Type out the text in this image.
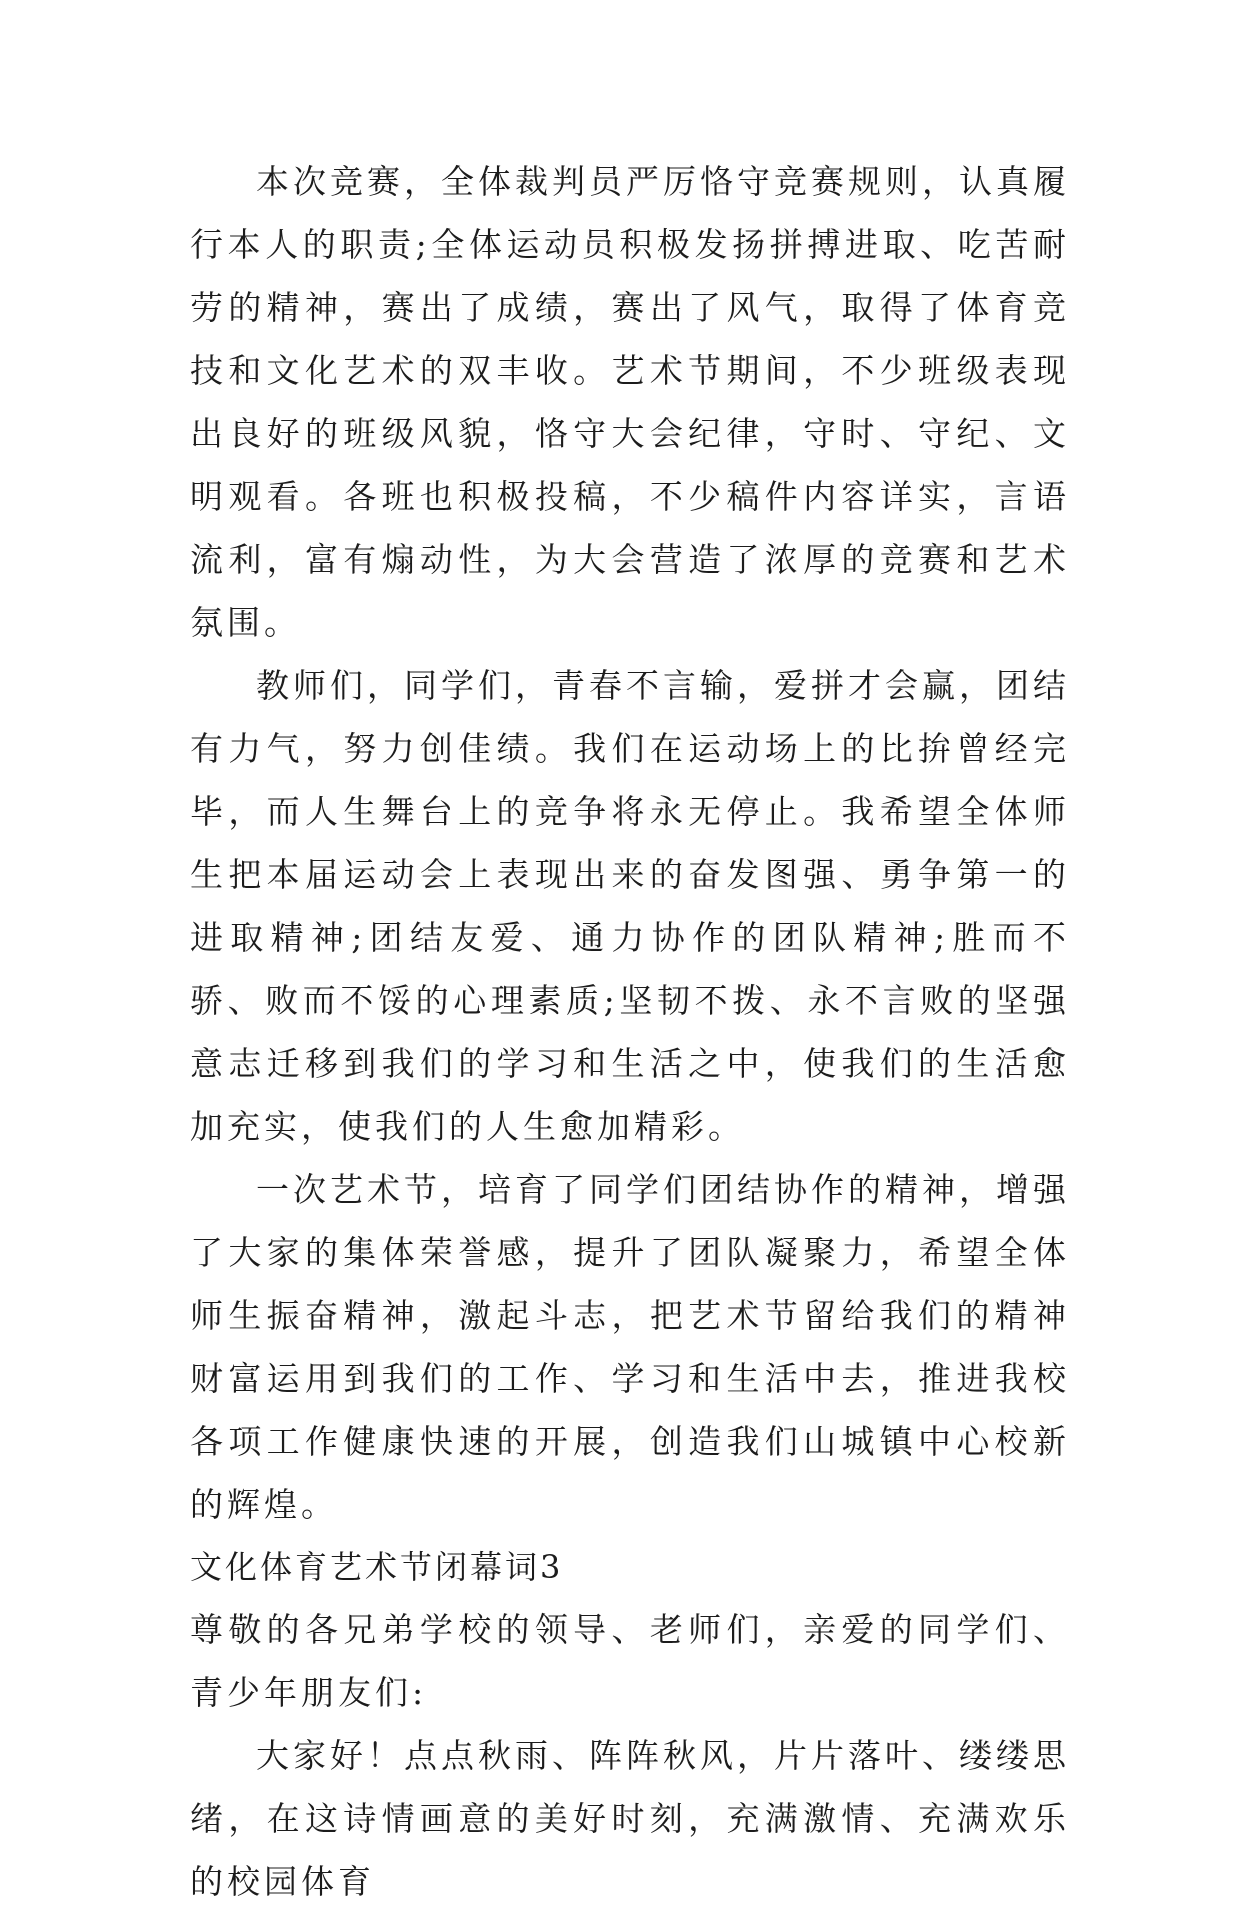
本次竞赛，全体裁判员严厉恪守竞赛规则，认真履行本人的职责;全体运动员积极发扬拼搏进取、吃苦耐劳的精神，赛出了成绩，赛出了风气，取得了体育竞技和文化艺术的双丰收。艺术节期间，不少班级表现出良好的班级风貌，恪守大会纪律，守时、守纪、文明观看。各班也积极投稿，不少稿件内容详实，言语流利，富有煽动性，为大会营造了浓厚的竞赛和艺术氛围。

教师们，同学们，青春不言输，爱拼才会赢，团结有力气，努力创佳绩。我们在运动场上的比拚曾经完毕，而人生舞台上的竞争将永无停止。我希望全体师生把本届运动会上表现出来的奋发图强、勇争第一的进取精神;团结友爱、通力协作的团队精神;胜而不骄、败而不馁的心理素质;坚韧不拨、永不言败的坚强意志迁移到我们的学习和生活之中，使我们的生活愈加充实，使我们的人生愈加精彩。

一次艺术节，培育了同学们团结协作的精神，增强了大家的集体荣誉感，提升了团队凝聚力，希望全体师生振奋精神，激起斗志，把艺术节留给我们的精神财富运用到我们的工作、学习和生活中去，推进我校各项工作健康快速的开展，创造我们山城镇中心校新的辉煌。

文化体育艺术节闭幕词3

尊敬的各兄弟学校的领导、老师们，亲爱的同学们、青少年朋友们:

大家好！点点秋雨、阵阵秋风，片片落叶、缕缕思绪，在这诗情画意的美好时刻，充满激情、充满欢乐的校园体育
